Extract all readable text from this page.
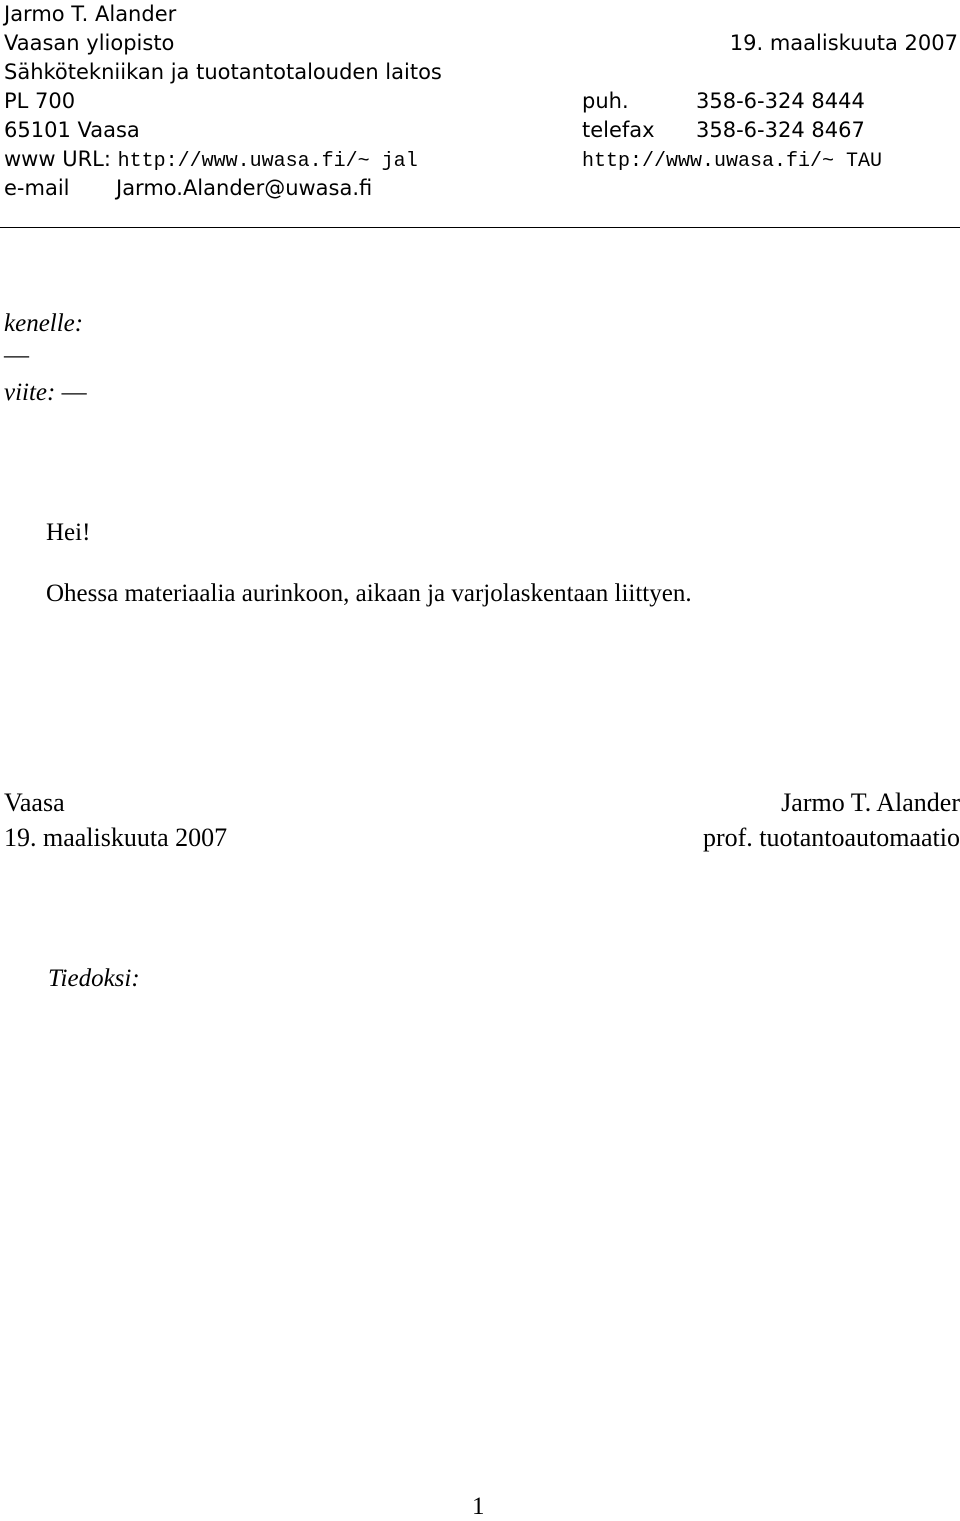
Jarmo T. Alander
Vaasan yliopisto	19. maaliskuuta 2007
Sähkötekniikan ja tuotantotalouden laitos
PL 700
65101 Vaasa
www URL: http://www.uwasa.fi/~ jal
e-mail Jarmo.Alander@uwasa.fi
puh.	358-6-324 8444
telefax 358-6-324 8467
http://www.uwasa.fi/~ TAU
kenelle:
—
viite: —
Hei!
Ohessa materiaalia aurinkoon, aikaan ja varjolaskentaan liittyen.
Vaasa
19. maaliskuuta 2007
Jarmo T. Alander
prof. tuotantoautomaatio
Tiedoksi:
1
